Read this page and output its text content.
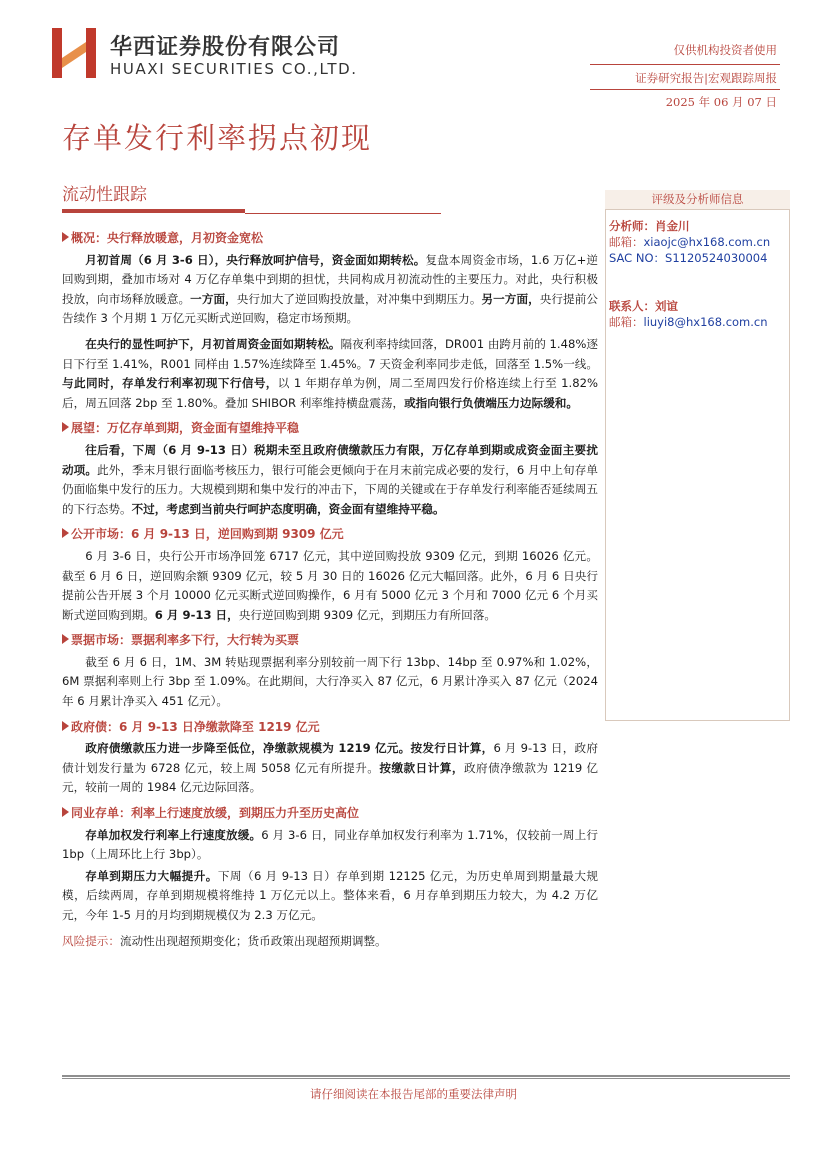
华西证券股份有限公司
HUAXI SECURITIES CO.,LTD.
仅供机构投资者使用
证券研究报告|宏观跟踪周报
2025 年 06 月 07 日
存单发行利率拐点初现
流动性跟踪
概况：央行释放暖意，月初资金宽松

月初首周（6 月 3-6 日），央行释放呵护信号，资金面如期转松。复盘本周资金市场，1.6 万亿+逆回购到期，叠加市场对 4 万亿存单集中到期的担忧，共同构成月初流动性的主要压力。对此，央行积极投放，向市场释放暖意。一方面，央行加大了逆回购投放量，对冲集中到期压力。另一方面，央行提前公告续作 3 个月期 1 万亿元买断式逆回购，稳定市场预期。

在央行的显性呵护下，月初首周资金面如期转松。隔夜利率持续回落，DR001 由跨月前的 1.48%逐日下行至 1.41%，R001 同样由 1.57%连续降至 1.45%。7 天资金利率同步走低，回落至 1.5%一线。与此同时，存单发行利率初现下行信号，以 1 年期存单为例，周二至周四发行价格连续上行至 1.82%后，周五回落 2bp 至 1.80%。叠加 SHIBOR 利率维持横盘震荡，或指向银行负债端压力边际缓和。

展望：万亿存单到期，资金面有望维持平稳

往后看，下周（6 月 9-13 日）税期未至且政府债缴款压力有限，万亿存单到期或成资金面主要扰动项。此外，季末月银行面临考核压力，银行可能会更倾向于在月末前完成必要的发行，6 月中上旬存单仍面临集中发行的压力。大规模到期和集中发行的冲击下，下周的关键或在于存单发行利率能否延续周五的下行态势。不过，考虑到当前央行呵护态度明确，资金面有望维持平稳。

公开市场：6 月 9-13 日，逆回购到期 9309 亿元

6 月 3-6 日，央行公开市场净回笼 6717 亿元，其中逆回购投放 9309 亿元，到期 16026 亿元。截至 6 月 6 日，逆回购余额 9309 亿元，较 5 月 30 日的 16026 亿元大幅回落。此外，6 月 6 日央行提前公告开展 3 个月 10000 亿元买断式逆回购操作，6 月有 5000 亿元 3 个月和 7000 亿元 6 个月买断式逆回购到期。6 月 9-13 日，央行逆回购到期 9309 亿元，到期压力有所回落。

票据市场：票据利率多下行，大行转为买票

截至 6 月 6 日，1M、3M 转贴现票据利率分别较前一周下行 13bp、14bp 至 0.97%和 1.02%，6M 票据利率则上行 3bp 至 1.09%。在此期间，大行净买入 87 亿元，6 月累计净买入 87 亿元（2024 年 6 月累计净买入 451 亿元）。

政府债：6 月 9-13 日净缴款降至 1219 亿元

政府债缴款压力进一步降至低位，净缴款规模为 1219 亿元。按发行日计算，6 月 9-13 日，政府债计划发行量为 6728 亿元，较上周 5058 亿元有所提升。按缴款日计算，政府债净缴款为 1219 亿元，较前一周的 1984 亿元边际回落。

同业存单：利率上行速度放缓，到期压力升至历史高位

存单加权发行利率上行速度放缓。6 月 3-6 日，同业存单加权发行利率为 1.71%，仅较前一周上行 1bp（上周环比上行 3bp）。

存单到期压力大幅提升。下周（6 月 9-13 日）存单到期 12125 亿元，为历史单周到期量最大规模，后续两周，存单到期规模将维持 1 万亿元以上。整体来看，6 月存单到期压力较大，为 4.2 万亿元，今年 1-5 月的月均到期规模仅为 2.3 万亿元。

风险提示：流动性出现超预期变化；货币政策出现超预期调整。

评级及分析师信息
分析师：肖金川
邮箱：xiaojc@hx168.com.cn
SAC NO：S1120524030004
联系人：刘谊
邮箱：liuyi8@hx168.com.cn
请仔细阅读在本报告尾部的重要法律声明
